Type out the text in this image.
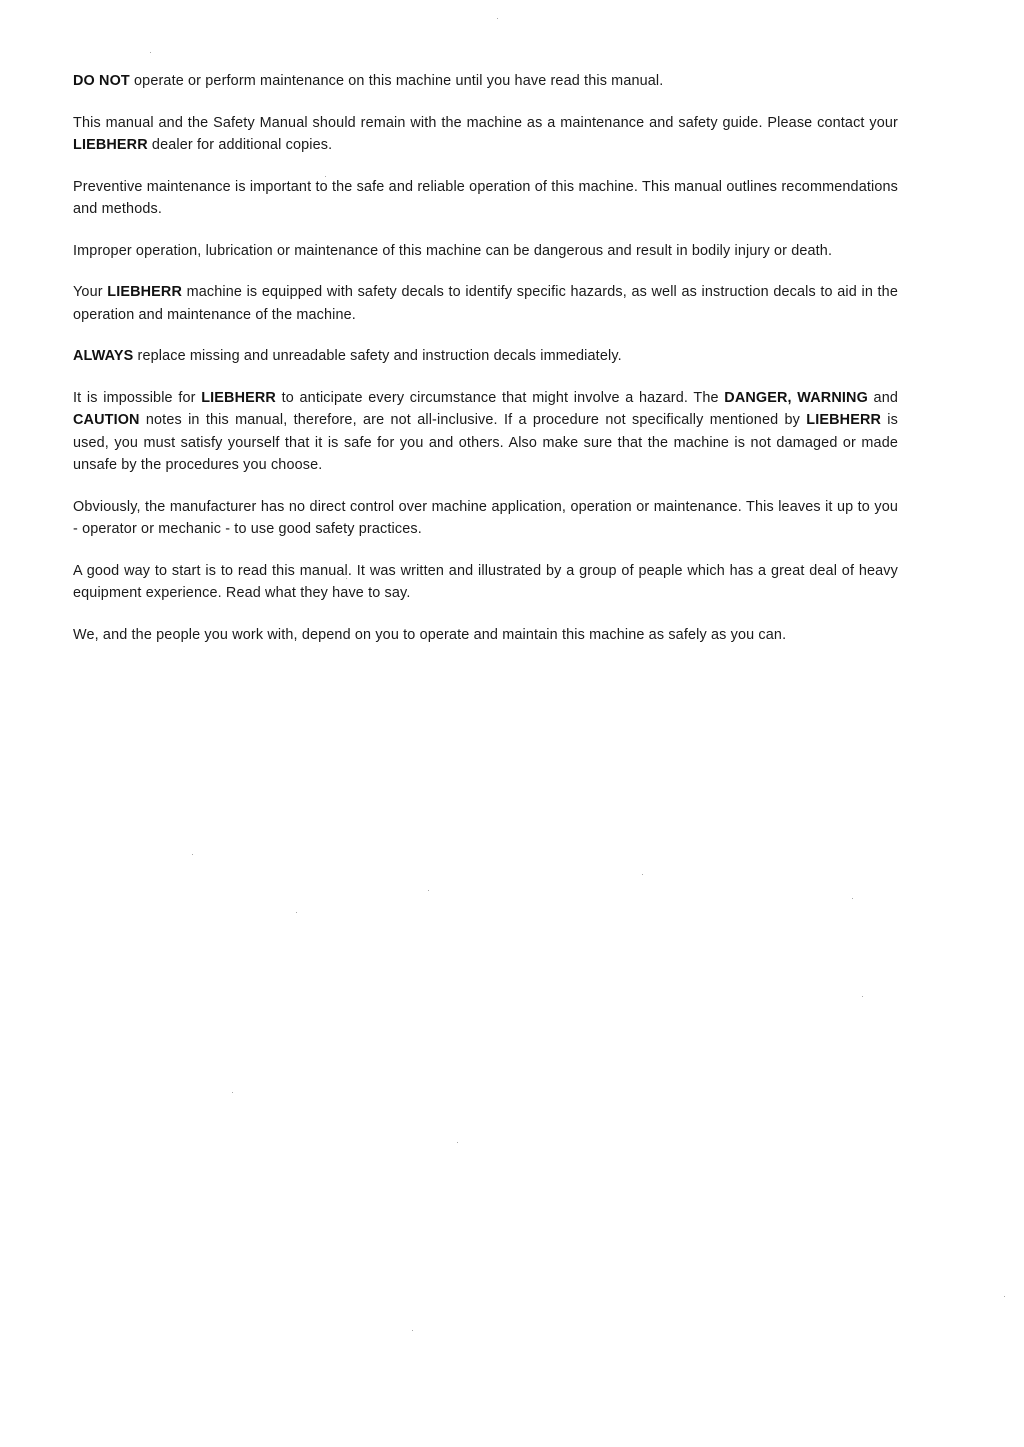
DO NOT operate or perform maintenance on this machine until you have read this manual.

This manual and the Safety Manual should remain with the machine as a maintenance and safety guide. Please contact your LIEBHERR dealer for additional copies.

Preventive maintenance is important to the safe and reliable operation of this machine. This manual outlines recommendations and methods.

Improper operation, lubrication or maintenance of this machine can be dangerous and result in bodily injury or death.

Your LIEBHERR machine is equipped with safety decals to identify specific hazards, as well as instruction decals to aid in the operation and maintenance of the machine.

ALWAYS replace missing and unreadable safety and instruction decals immediately.

It is impossible for LIEBHERR to anticipate every circumstance that might involve a hazard. The DANGER, WARNING and CAUTION notes in this manual, therefore, are not all-inclusive. If a procedure not specifically mentioned by LIEBHERR is used, you must satisfy yourself that it is safe for you and others. Also make sure that the machine is not damaged or made unsafe by the procedures you choose.

Obviously, the manufacturer has no direct control over machine application, operation or maintenance. This leaves it up to you - operator or mechanic - to use good safety practices.

A good way to start is to read this manual. It was written and illustrated by a group of peaple which has a great deal of heavy equipment experience. Read what they have to say.

We, and the people you work with, depend on you to operate and maintain this machine as safely as you can.
